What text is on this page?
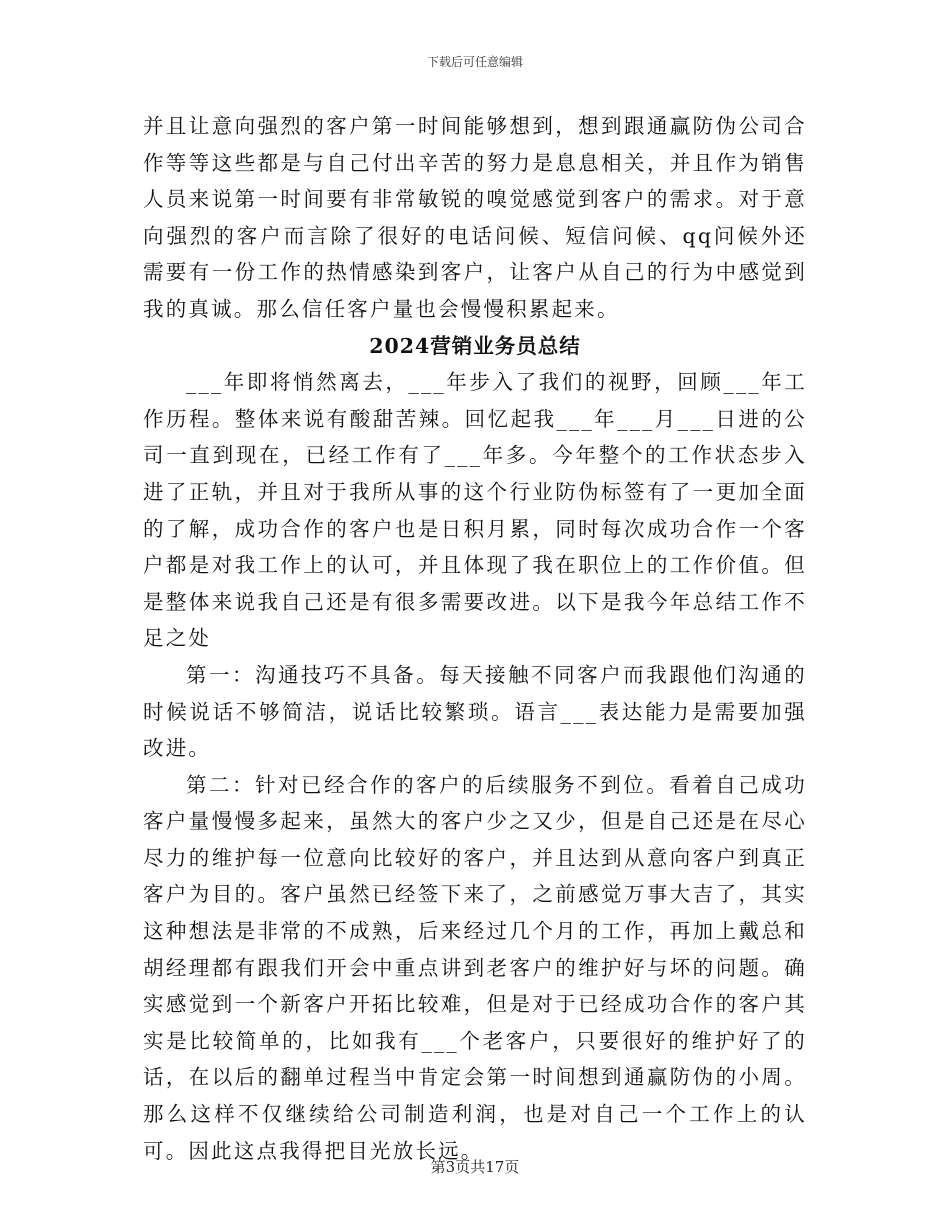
下载后可任意编辑

并且让意向强烈的客户第一时间能够想到，想到跟通赢防伪公司合作等等这些都是与自己付出辛苦的努力是息息相关，并且作为销售人员来说第一时间要有非常敏锐的嗅觉感觉到客户的需求。对于意向强烈的客户而言除了很好的电话问候、短信问候、qq问候外还需要有一份工作的热情感染到客户，让客户从自己的行为中感觉到我的真诚。那么信任客户量也会慢慢积累起来。

2024营销业务员总结

___年即将悄然离去，___年步入了我们的视野，回顾___年工作历程。整体来说有酸甜苦辣。回忆起我___年___月___日进的公司一直到现在，已经工作有了___年多。今年整个的工作状态步入进了正轨，并且对于我所从事的这个行业防伪标签有了一更加全面的了解，成功合作的客户也是日积月累，同时每次成功合作一个客户都是对我工作上的认可，并且体现了我在职位上的工作价值。但是整体来说我自己还是有很多需要改进。以下是我今年总结工作不足之处

第一：沟通技巧不具备。每天接触不同客户而我跟他们沟通的时候说话不够简洁，说话比较繁琐。语言___表达能力是需要加强改进。

第二：针对已经合作的客户的后续服务不到位。看着自己成功客户量慢慢多起来，虽然大的客户少之又少，但是自己还是在尽心尽力的维护每一位意向比较好的客户，并且达到从意向客户到真正客户为目的。客户虽然已经签下来了，之前感觉万事大吉了，其实这种想法是非常的不成熟，后来经过几个月的工作，再加上戴总和胡经理都有跟我们开会中重点讲到老客户的维护好与坏的问题。确实感觉到一个新客户开拓比较难，但是对于已经成功合作的客户其实是比较简单的，比如我有___个老客户，只要很好的维护好了的话，在以后的翻单过程当中肯定会第一时间想到通赢防伪的小周。那么这样不仅继续给公司制造利润，也是对自己一个工作上的认可。因此这点我得把目光放长远。

第3页共17页
